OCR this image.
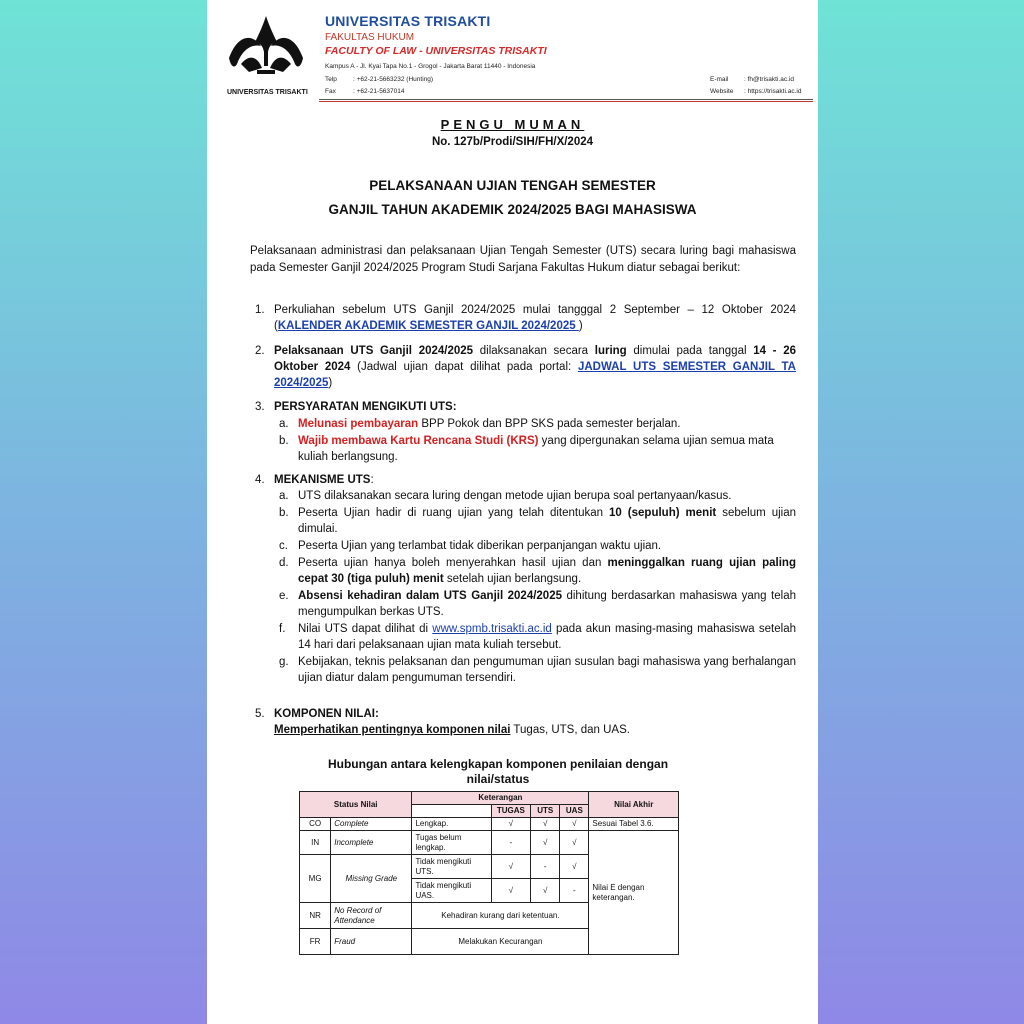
UNIVERSITAS TRISAKTI
UNIVERSITAS TRISAKTI
FAKULTAS HUKUM
FACULTY OF LAW - UNIVERSITAS TRISAKTI
Kampus A - Jl. Kyai Tapa No.1 - Grogol - Jakarta Barat 11440 - Indonesia
Telp : +62-21-5663232 (Hunting)
Fax	: +62-21-5637014
E-mail : fh@trisakti.ac.id
Website : https://trisakti.ac.id
PENGU MUMAN
No. 127b/Prodi/SIH/FH/X/2024
PELAKSANAAN UJIAN TENGAH SEMESTER
GANJIL TAHUN AKADEMIK 2024/2025 BAGI MAHASISWA
Pelaksanaan administrasi dan pelaksanaan Ujian Tengah Semester (UTS) secara luring bagi mahasiswa pada Semester Ganjil 2024/2025 Program Studi Sarjana Fakultas Hukum diatur sebagai berikut:
1. Perkuliahan sebelum UTS Ganjil 2024/2025 mulai tangggal 2 September – 12 Oktober 2024 (KALENDER AKADEMIK SEMESTER GANJIL 2024/2025 )
2. Pelaksanaan UTS Ganjil 2024/2025 dilaksanakan secara luring dimulai pada tanggal 14 - 26 Oktober 2024 (Jadwal ujian dapat dilihat pada portal: JADWAL UTS SEMESTER GANJIL TA 2024/2025)
3. PERSYARATAN MENGIKUTI UTS:
a. Melunasi pembayaran BPP Pokok dan BPP SKS pada semester berjalan.
b. Wajib membawa Kartu Rencana Studi (KRS) yang dipergunakan selama ujian semua mata kuliah berlangsung.
4. MEKANISME UTS:
a. UTS dilaksanakan secara luring dengan metode ujian berupa soal pertanyaan/kasus.
b. Peserta Ujian hadir di ruang ujian yang telah ditentukan 10 (sepuluh) menit sebelum ujian dimulai.
c. Peserta Ujian yang terlambat tidak diberikan perpanjangan waktu ujian.
d. Peserta ujian hanya boleh menyerahkan hasil ujian dan meninggalkan ruang ujian paling cepat 30 (tiga puluh) menit setelah ujian berlangsung.
e. Absensi kehadiran dalam UTS Ganjil 2024/2025 dihitung berdasarkan mahasiswa yang telah mengumpulkan berkas UTS.
f.	Nilai UTS dapat dilihat di www.spmb.trisakti.ac.id pada akun masing-masing mahasiswa setelah 14 hari dari pelaksanaan ujian mata kuliah tersebut.
g. Kebijakan, teknis pelaksanan dan pengumuman ujian susulan bagi mahasiswa yang berhalangan ujian diatur dalam pengumuman tersendiri.
5. KOMPONEN NILAI:
Memperhatikan pentingnya komponen nilai Tugas, UTS, dan UAS.
Hubungan antara kelengkapan komponen penilaian dengan
nilai/status
Status Nilai		Keterangan				Nilai Akhir
			TUGAS	UTS	UAS	
CO	Complete	Lengkap.	√	√	√	Sesuai Tabel 3.6.
IN	Incomplete	Tugas belum lengkap.	-	√	√	Nilai E dengan keterangan.
MG	Missing Grade	Tidak mengikuti UTS.	√	-	√	
		Tidak mengikuti UAS.	√	√	-	
NR	No Record of Attendance	Kehadiran kurang dari ketentuan.				
FR	Fraud	Melakukan Kecurangan				
